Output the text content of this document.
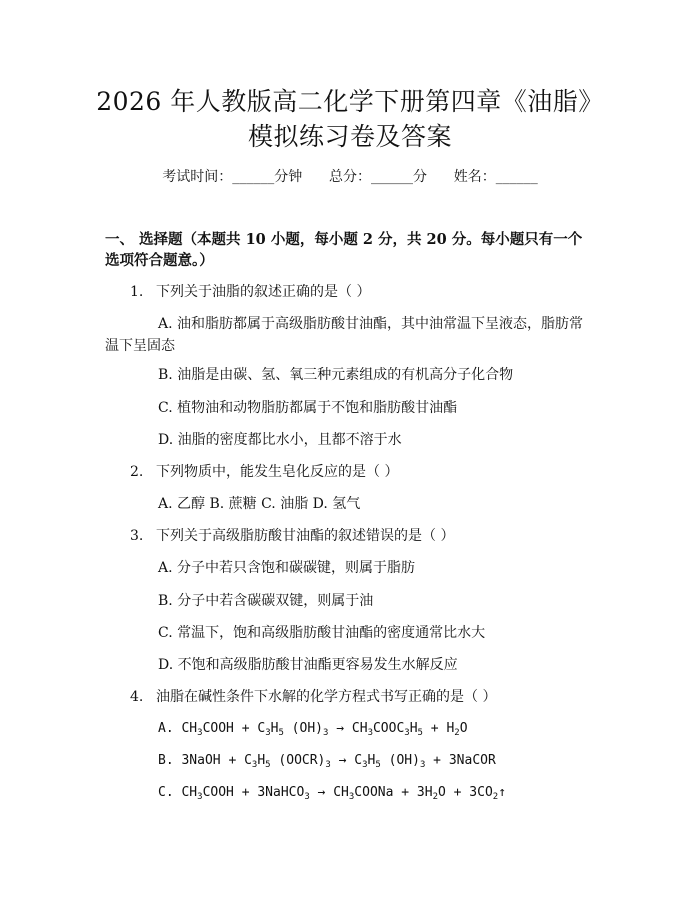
2026 年人教版高二化学下册第四章《油脂》
模拟练习卷及答案
考试时间：______分钟 总分：______分 姓名：______
一、 选择题（本题共 10 小题，每小题 2 分，共 20 分。每小题只有一个选项符合题意。）
1. 下列关于油脂的叙述正确的是（ ）
A. 油和脂肪都属于高级脂肪酸甘油酯，其中油常温下呈液态，脂肪常温下呈固态
B. 油脂是由碳、氢、氧三种元素组成的有机高分子化合物
C. 植物油和动物脂肪都属于不饱和脂肪酸甘油酯
D. 油脂的密度都比水小，且都不溶于水
2. 下列物质中，能发生皂化反应的是（ ）
A. 乙醇 B. 蔗糖 C. 油脂 D. 氢气
3. 下列关于高级脂肪酸甘油酯的叙述错误的是（ ）
A. 分子中若只含饱和碳碳键，则属于脂肪
B. 分子中若含碳碳双键，则属于油
C. 常温下，饱和高级脂肪酸甘油酯的密度通常比水大
D. 不饱和高级脂肪酸甘油酯更容易发生水解反应
4. 油脂在碱性条件下水解的化学方程式书写正确的是（ ）
A. $CH_3COOH + C_3H_5$ $(OH)_3$ → $CH_3COOC_3H_5 + H_2O$
B. 3NaOH + $C_3H_5$ $(OOCR)_3 \to C_3H_5$ $(OH)_3$ + 3NaCOR
C. $CH_3COOH$ + 3NaHCO$_3$ → $CH_3COONa + 3H_2O$ + $3CO_2↑$
